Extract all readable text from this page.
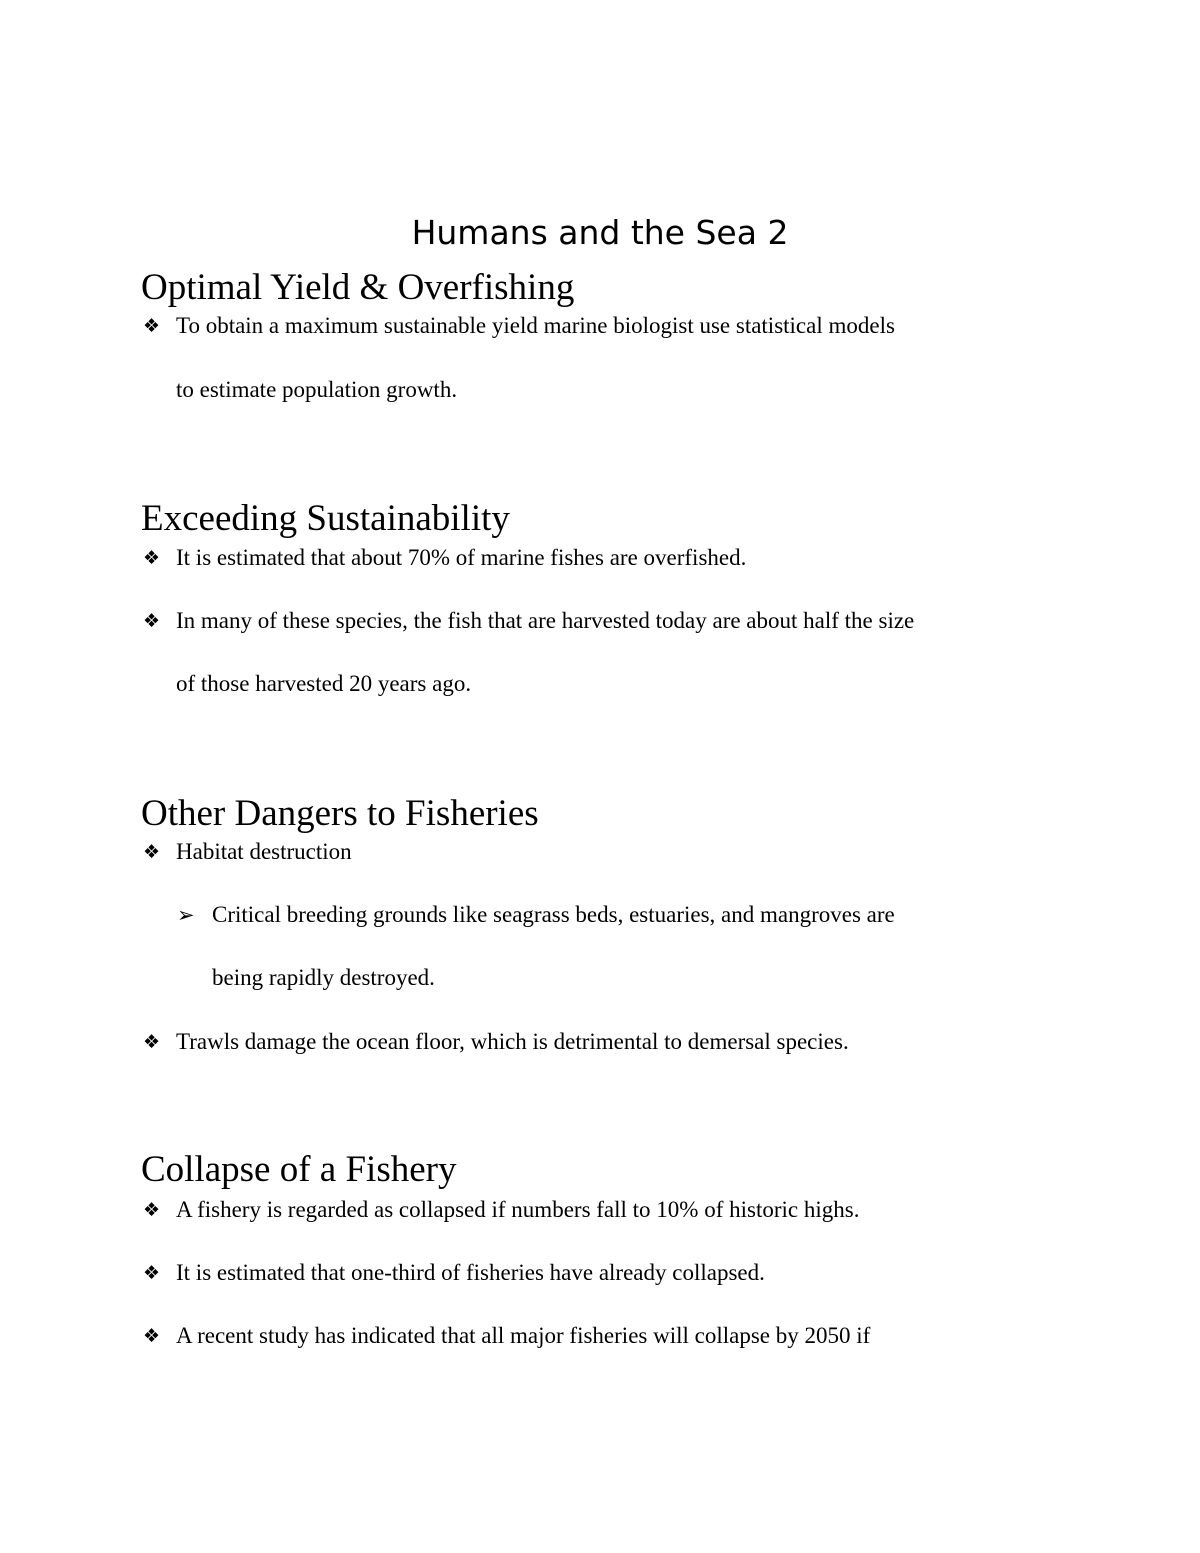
Humans and the Sea 2
Optimal Yield & Overfishing
❖ To obtain a maximum sustainable yield marine biologist use statistical models
to estimate population growth.
Exceeding Sustainability
❖ It is estimated that about 70% of marine fishes are overfished.
❖ In many of these species, the fish that are harvested today are about half the size
of those harvested 20 years ago.
Other Dangers to Fisheries
❖ Habitat destruction
➢ Critical breeding grounds like seagrass beds, estuaries, and mangroves are
being rapidly destroyed.
❖ Trawls damage the ocean floor, which is detrimental to demersal species.
Collapse of a Fishery
❖ A fishery is regarded as collapsed if numbers fall to 10% of historic highs.
❖ It is estimated that one-third of fisheries have already collapsed.
❖ A recent study has indicated that all major fisheries will collapse by 2050 if
